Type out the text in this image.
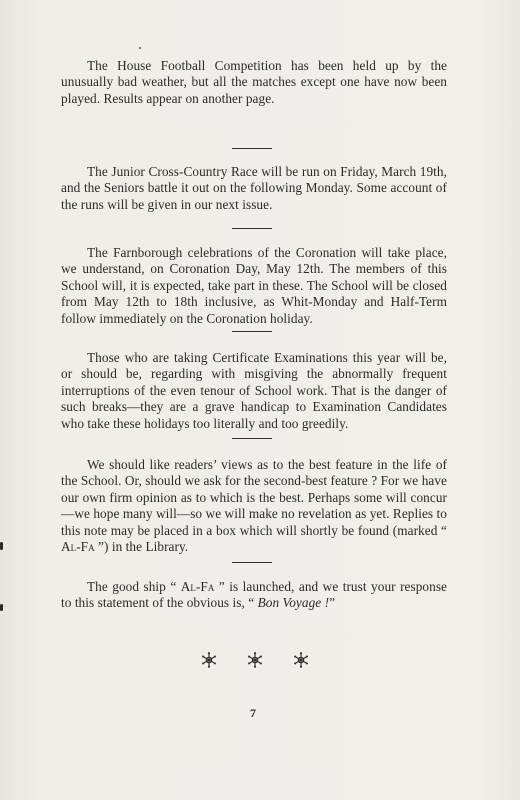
The House Football Competition has been held up by the unusually bad weather, but all the matches except one have now been played. Results appear on another page.

The Junior Cross-Country Race will be run on Friday, March 19th, and the Seniors battle it out on the following Monday. Some account of the runs will be given in our next issue.

The Farnborough celebrations of the Coronation will take place, we understand, on Coronation Day, May 12th. The members of this School will, it is expected, take part in these. The School will be closed from May 12th to 18th inclusive, as Whit-Monday and Half-Term follow immediately on the Coronation holiday.

Those who are taking Certificate Examinations this year will be, or should be, regarding with misgiving the abnormally frequent interruptions of the even tenour of School work. That is the danger of such breaks—they are a grave handicap to Examination Candidates who take these holidays too literally and too greedily.

We should like readers’ views as to the best feature in the life of the School. Or, should we ask for the second-best feature ? For we have our own firm opinion as to which is the best. Perhaps some will concur—we hope many will—so we will make no revelation as yet. Replies to this note may be placed in a box which will shortly be found (marked “ Al-Fa ”) in the Library.

The good ship “ Al-Fa ” is launched, and we trust your response to this statement of the obvious is, “ Bon Voyage !”

7
